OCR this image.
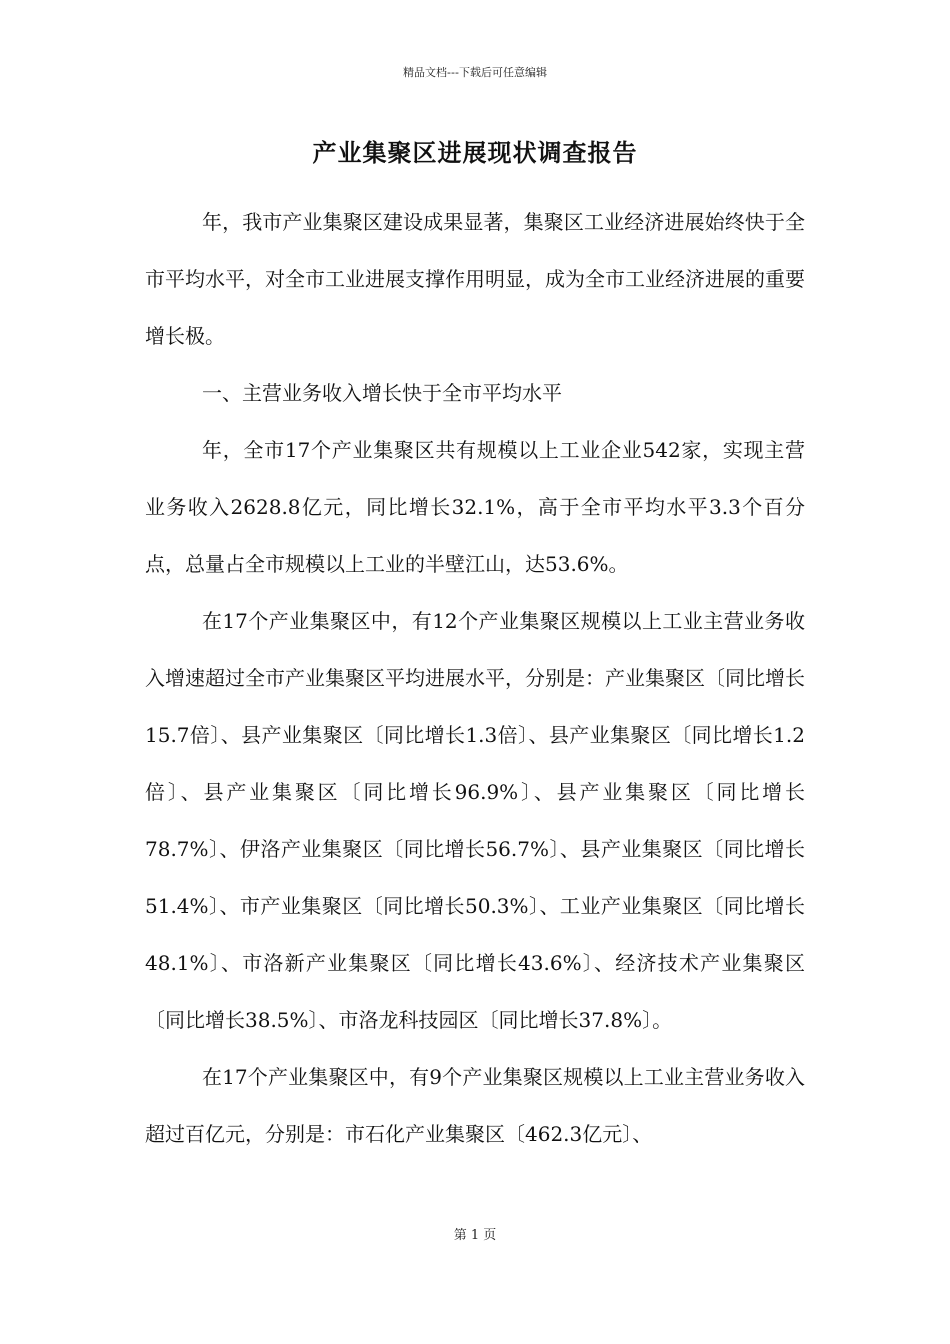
精品文档---下载后可任意编辑
产业集聚区进展现状调查报告

年，我市产业集聚区建设成果显著，集聚区工业经济进展始终快于全市平均水平，对全市工业进展支撑作用明显，成为全市工业经济进展的重要增长极。

一、主营业务收入增长快于全市平均水平

年，全市17个产业集聚区共有规模以上工业企业542家，实现主营业务收入2628.8亿元，同比增长32.1%，高于全市平均水平3.3个百分点，总量占全市规模以上工业的半壁江山，达53.6%。

在17个产业集聚区中，有12个产业集聚区规模以上工业主营业务收入增速超过全市产业集聚区平均进展水平，分别是：产业集聚区〔同比增长15.7倍〕、县产业集聚区〔同比增长1.3倍〕、县产业集聚区〔同比增长1.2倍〕、县产业集聚区〔同比增长96.9%〕、县产业集聚区〔同比增长78.7%〕、伊洛产业集聚区〔同比增长56.7%〕、县产业集聚区〔同比增长51.4%〕、市产业集聚区〔同比增长50.3%〕、工业产业集聚区〔同比增长48.1%〕、市洛新产业集聚区〔同比增长43.6%〕、经济技术产业集聚区〔同比增长38.5%〕、市洛龙科技园区〔同比增长37.8%〕。

在17个产业集聚区中，有9个产业集聚区规模以上工业主营业务收入超过百亿元，分别是：市石化产业集聚区〔462.3亿元〕、

第 1 页
